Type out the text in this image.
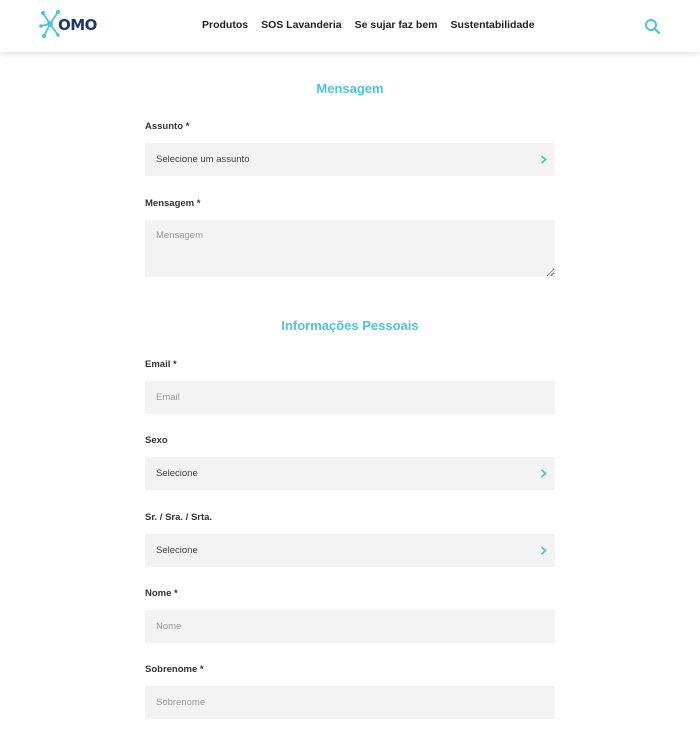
OMO	Produtos SOS Lavanderia Se sujar faz bem Sustentabilidade
Mensagem
Assunto *
Selecione um assunto
Mensagem *
Mensagem
Informações Pessoais
Email *
Email
Sexo
Selecione
Sr. / Sra. / Srta.
Selecione
Nome *
Nome
Sobrenome *
Sobrenome
